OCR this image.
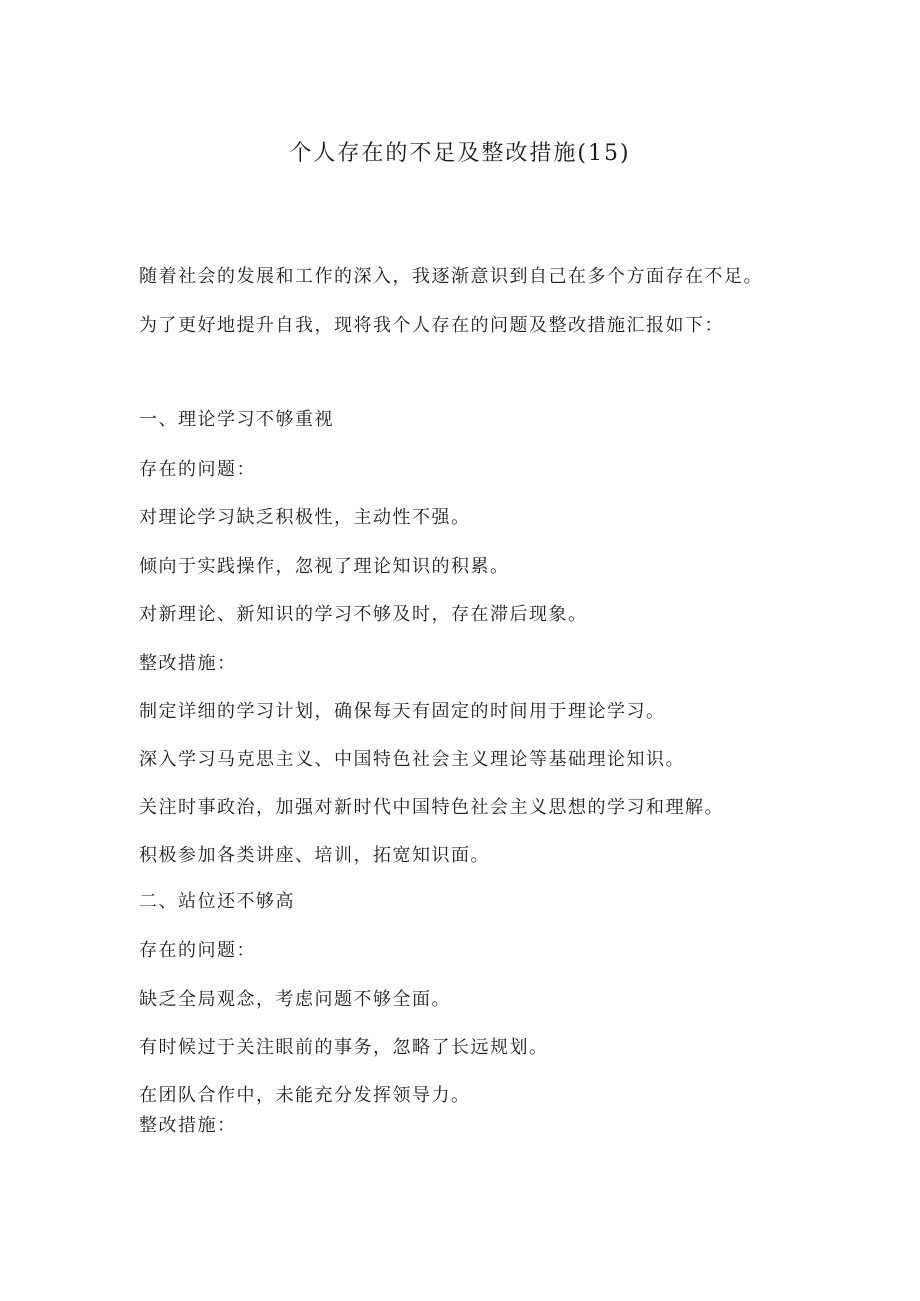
个人存在的不足及整改措施(15)

随着社会的发展和工作的深入，我逐渐意识到自己在多个方面存在不足。

为了更好地提升自我，现将我个人存在的问题及整改措施汇报如下：

一、理论学习不够重视

存在的问题：

对理论学习缺乏积极性，主动性不强。

倾向于实践操作，忽视了理论知识的积累。

对新理论、新知识的学习不够及时，存在滞后现象。

整改措施：

制定详细的学习计划，确保每天有固定的时间用于理论学习。

深入学习马克思主义、中国特色社会主义理论等基础理论知识。

关注时事政治，加强对新时代中国特色社会主义思想的学习和理解。

积极参加各类讲座、培训，拓宽知识面。

二、站位还不够高

存在的问题：

缺乏全局观念，考虑问题不够全面。

有时候过于关注眼前的事务，忽略了长远规划。

在团队合作中，未能充分发挥领导力。

整改措施：
